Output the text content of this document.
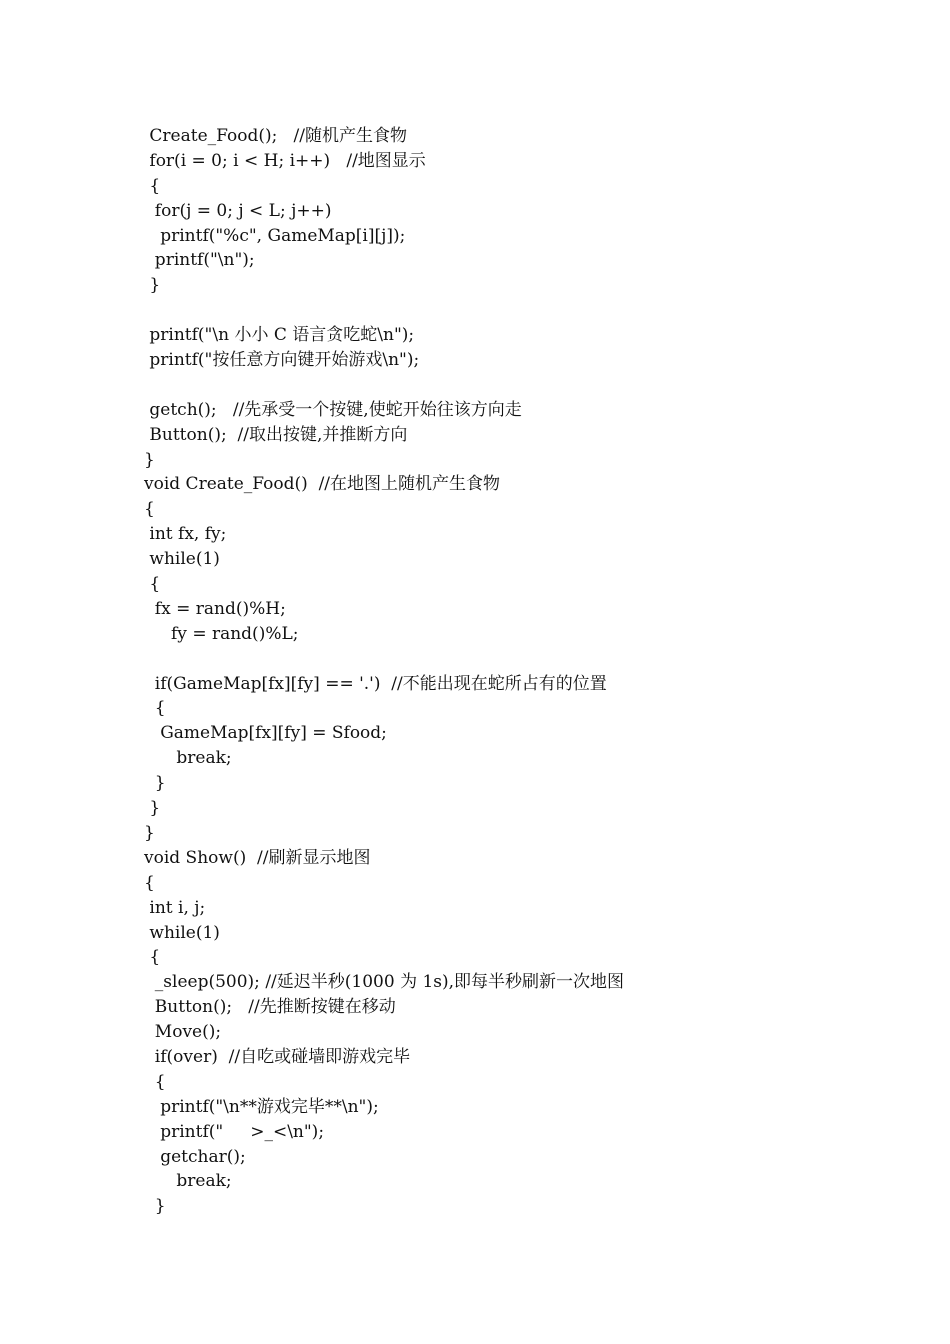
Create_Food();   //随机产生食物
for(i = 0; i < H; i++)   //地图显示
{
for(j = 0; j < L; j++)
printf("%c", GameMap[i][j]);
printf("\n");
}
printf("\n 小小 C 语言贪吃蛇\n");
printf("按任意方向键开始游戏\n");
getch();   //先承受一个按键,使蛇开始往该方向走
Button();  //取出按键,并推断方向
}
void Create_Food()  //在地图上随机产生食物
{
int fx, fy;
while(1)
{
fx = rand()%H;
fy = rand()%L;
if(GameMap[fx][fy] == '.')  //不能出现在蛇所占有的位置
{
GameMap[fx][fy] = Sfood;
break;
}
}
}
void Show()  //刷新显示地图
{
int i, j;
while(1)
{
_sleep(500); //延迟半秒(1000 为 1s),即每半秒刷新一次地图
Button();   //先推断按键在移动
Move();
if(over)  //自吃或碰墙即游戏完毕
{
printf("\n**游戏完毕**\n");
printf("     >_<\n");
getchar();
break;
}
